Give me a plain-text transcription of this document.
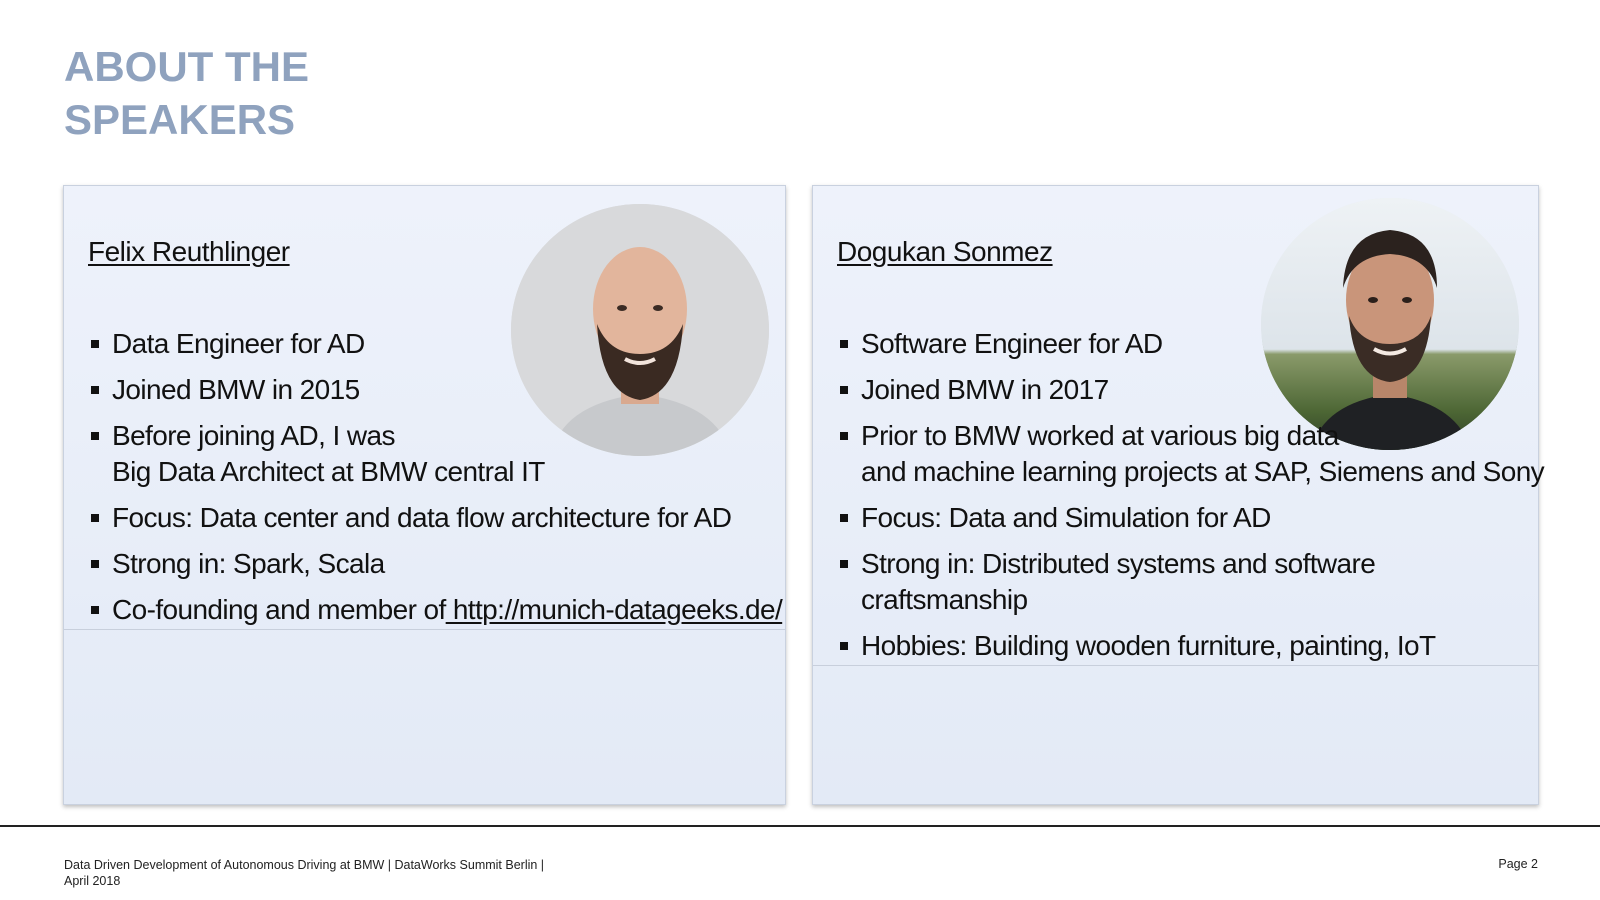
ABOUT THE
SPEAKERS
Felix Reuthlinger
Data Engineer for AD
Joined BMW in 2015
Before joining AD, I was
Big Data Architect at BMW central IT
Focus: Data center and data flow architecture for AD
Strong in: Spark, Scala
Co-founding and member of http://munich-datageeks.de/
Dogukan Sonmez
Software Engineer for AD
Joined BMW in 2017
Prior to BMW worked at various big data
and machine learning projects at SAP, Siemens and Sony
Focus: Data and Simulation for AD
Strong in: Distributed systems and software
craftsmanship
Hobbies: Building wooden furniture, painting, IoT
Data Driven Development of Autonomous Driving at BMW | DataWorks Summit Berlin |
April 2018
Page 2
